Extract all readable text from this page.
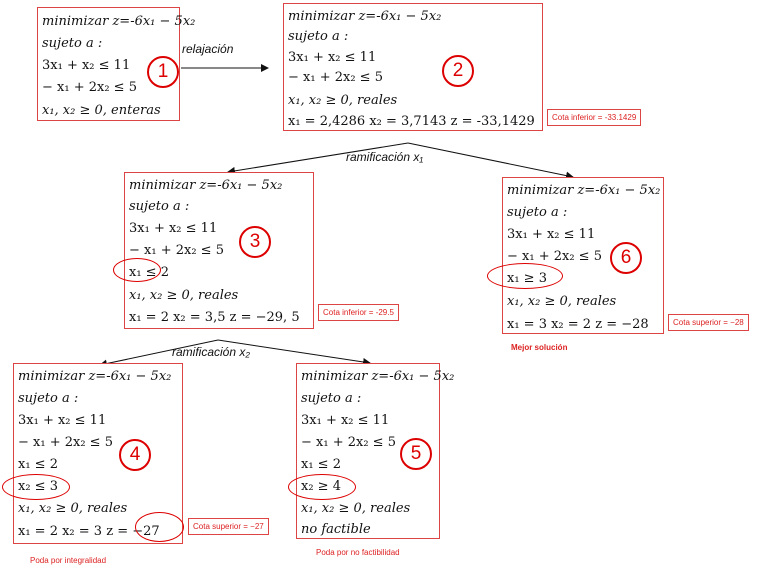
relajación
ramificación x₁
ramificación x₂
minimizar z=-6x₁ − 5x₂
sujeto a :
3x₁ + x₂ ≤ 11
− x₁ + 2x₂ ≤ 5
x₁, x₂ ≥ 0, enteras
1
minimizar z=-6x₁ − 5x₂
sujeto a :
3x₁ + x₂ ≤ 11
− x₁ + 2x₂ ≤ 5
x₁, x₂ ≥ 0, reales
x₁ = 2,4286 x₂ = 3,7143 z = -33,1429
2
Cota inferior = -33.1429
minimizar z=-6x₁ − 5x₂
sujeto a :
3x₁ + x₂ ≤ 11
− x₁ + 2x₂ ≤ 5
x₁ ≤ 2
x₁, x₂ ≥ 0, reales
x₁ = 2 x₂ = 3,5 z = −29, 5
3
Cota inferior = -29.5
minimizar z=-6x₁ − 5x₂
sujeto a :
3x₁ + x₂ ≤ 11
− x₁ + 2x₂ ≤ 5
x₁ ≥ 3
x₁, x₂ ≥ 0, reales
x₁ = 3 x₂ = 2 z = −28
6
Cota superior = −28
Mejor solución
minimizar z=-6x₁ − 5x₂
sujeto a :
3x₁ + x₂ ≤ 11
− x₁ + 2x₂ ≤ 5
x₁ ≤ 2
x₂ ≤ 3
x₁, x₂ ≥ 0, reales
x₁ = 2 x₂ = 3 z = −27
4
Cota superior = −27
Poda por integralidad
minimizar z=-6x₁ − 5x₂
sujeto a :
3x₁ + x₂ ≤ 11
− x₁ + 2x₂ ≤ 5
x₁ ≤ 2
x₂ ≥ 4
x₁, x₂ ≥ 0, reales
no factible
5
Poda por no factibilidad
